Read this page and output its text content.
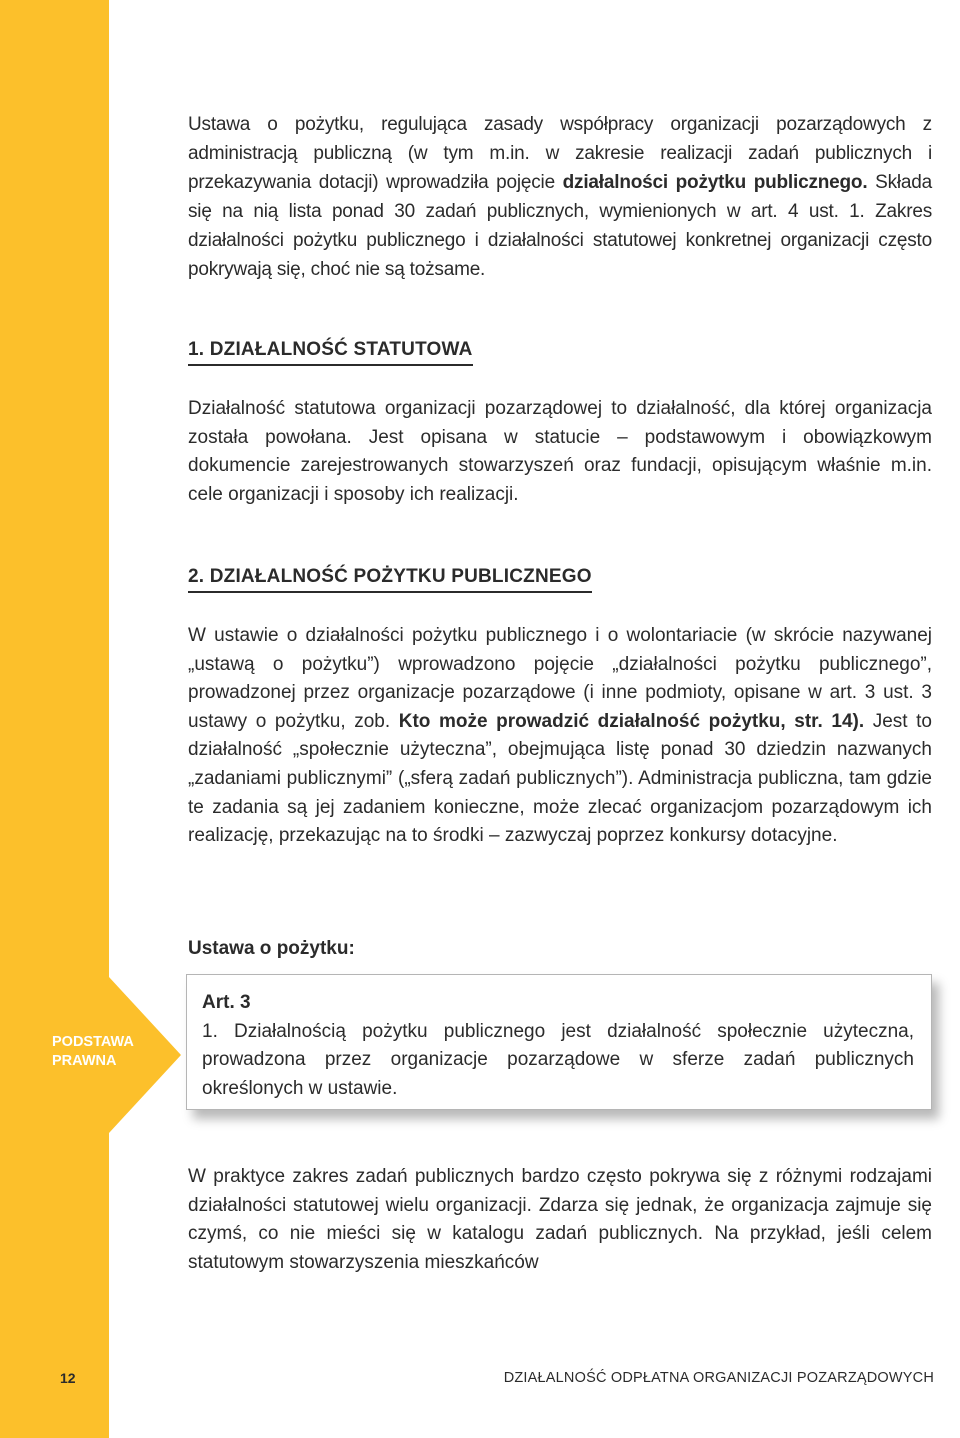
PODSTAWA
PRAWNA

Ustawa o pożytku, regulująca zasady współpracy organizacji pozarządowych z administracją publiczną (w tym m.in. w zakresie realizacji zadań publicznych i przekazywania dotacji) wprowadziła pojęcie działalności pożytku publicznego. Składa się na nią lista ponad 30 zadań publicznych, wymienionych w art. 4 ust. 1. Zakres działalności pożytku publicznego i działalności statutowej konkretnej organizacji często pokrywają się, choć nie są tożsame.

1. DZIAŁALNOŚĆ STATUTOWA

Działalność statutowa organizacji pozarządowej to działalność, dla której organizacja została powołana. Jest opisana w statucie – podstawowym i obowiązkowym dokumencie zarejestrowanych stowarzyszeń oraz fundacji, opisującym właśnie m.in. cele organizacji i sposoby ich realizacji.

2. DZIAŁALNOŚĆ POŻYTKU PUBLICZNEGO

W ustawie o działalności pożytku publicznego i o wolontariacie (w skrócie nazywanej „ustawą o pożytku”) wprowadzono pojęcie „działalności pożytku publicznego”, prowadzonej przez organizacje pozarządowe (i inne podmioty, opisane w art. 3 ust. 3 ustawy o pożytku, zob. Kto może prowadzić działalność pożytku, str. 14). Jest to działalność „społecznie użyteczna”, obejmująca listę ponad 30 dziedzin nazwanych „zadaniami publicznymi” („sferą zadań publicznych”). Administracja publiczna, tam gdzie te zadania są jej zadaniem konieczne, może zlecać organizacjom pozarządowym ich realizację, przekazując na to środki – zazwyczaj poprzez konkursy dotacyjne.

Ustawa o pożytku:
Art. 3
1. Działalnością pożytku publicznego jest działalność społecznie użyteczna, prowadzona przez organizacje pozarządowe w sferze zadań publicznych określonych w ustawie.

W praktyce zakres zadań publicznych bardzo często pokrywa się z różnymi rodzajami działalności statutowej wielu organizacji. Zdarza się jednak, że organizacja zajmuje się czymś, co nie mieści się w katalogu zadań publicznych. Na przykład, jeśli celem statutowym stowarzyszenia mieszkańców

12	DZIAŁALNOŚĆ ODPŁATNA ORGANIZACJI POZARZĄDOWYCH
